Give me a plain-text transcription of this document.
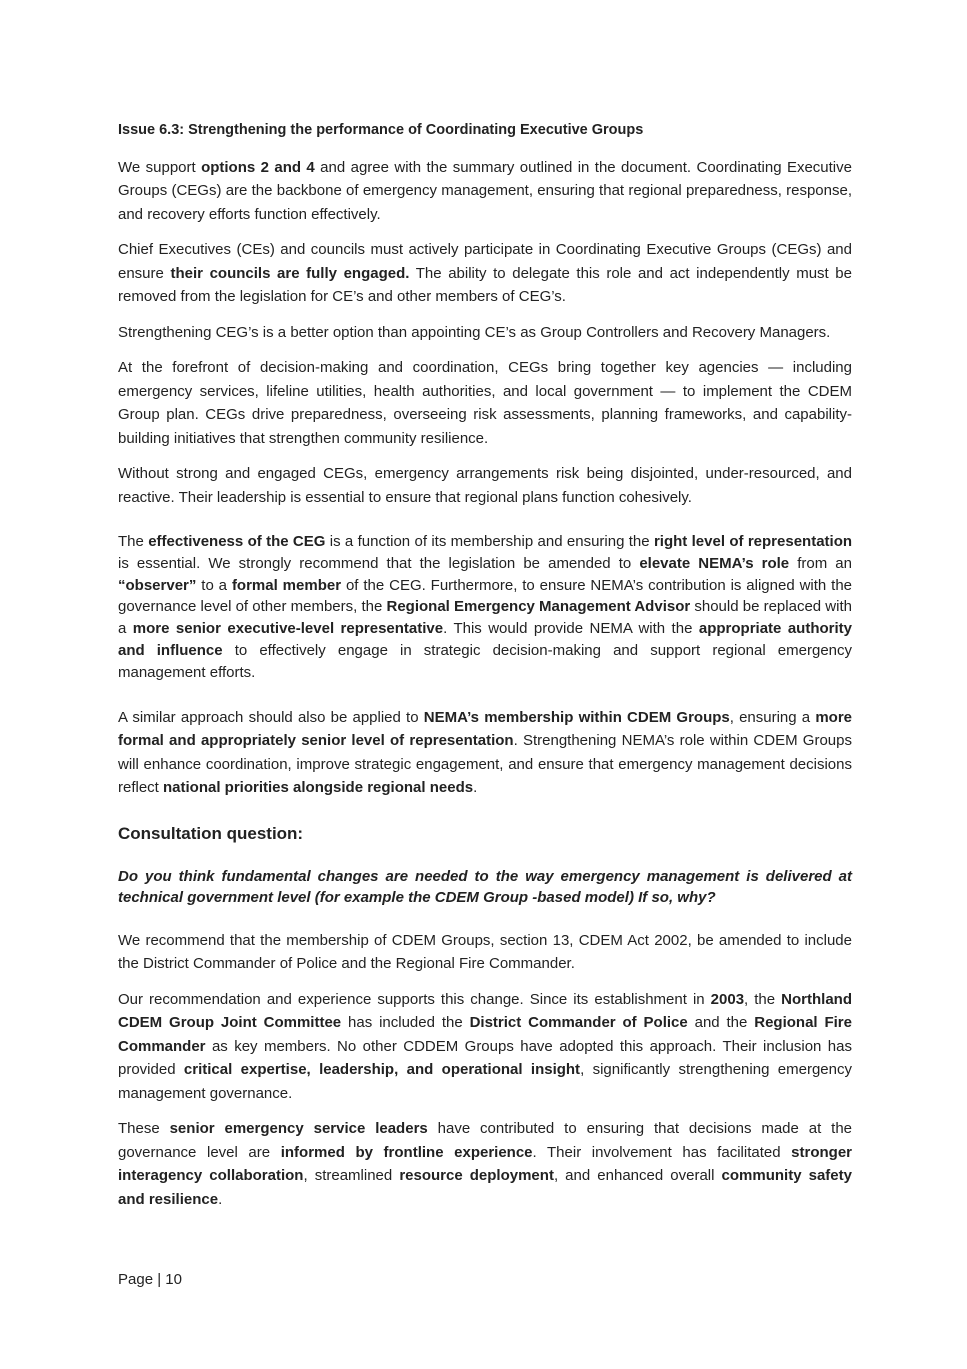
Issue 6.3: Strengthening the performance of Coordinating Executive Groups

We support options 2 and 4 and agree with the summary outlined in the document. Coordinating Executive Groups (CEGs) are the backbone of emergency management, ensuring that regional preparedness, response, and recovery efforts function effectively.

Chief Executives (CEs) and councils must actively participate in Coordinating Executive Groups (CEGs) and ensure their councils are fully engaged. The ability to delegate this role and act independently must be removed from the legislation for CE’s and other members of CEG’s.

Strengthening CEG’s is a better option than appointing CE’s as Group Controllers and Recovery Managers.

At the forefront of decision-making and coordination, CEGs bring together key agencies — including emergency services, lifeline utilities, health authorities, and local government — to implement the CDEM Group plan. CEGs drive preparedness, overseeing risk assessments, planning frameworks, and capability-building initiatives that strengthen community resilience.

Without strong and engaged CEGs, emergency arrangements risk being disjointed, under-resourced, and reactive. Their leadership is essential to ensure that regional plans function cohesively.

The effectiveness of the CEG is a function of its membership and ensuring the right level of representation is essential. We strongly recommend that the legislation be amended to elevate NEMA’s role from an “observer” to a formal member of the CEG. Furthermore, to ensure NEMA’s contribution is aligned with the governance level of other members, the Regional Emergency Management Advisor should be replaced with a more senior executive-level representative. This would provide NEMA with the appropriate authority and influence to effectively engage in strategic decision-making and support regional emergency management efforts.

A similar approach should also be applied to NEMA’s membership within CDEM Groups, ensuring a more formal and appropriately senior level of representation. Strengthening NEMA’s role within CDEM Groups will enhance coordination, improve strategic engagement, and ensure that emergency management decisions reflect national priorities alongside regional needs.

Consultation question:

Do you think fundamental changes are needed to the way emergency management is delivered at technical government level (for example the CDEM Group -based model) If so, why?

We recommend that the membership of CDEM Groups, section 13, CDEM Act 2002, be amended to include the District Commander of Police and the Regional Fire Commander.

Our recommendation and experience supports this change. Since its establishment in 2003, the Northland CDEM Group Joint Committee has included the District Commander of Police and the Regional Fire Commander as key members. No other CDDEM Groups have adopted this approach. Their inclusion has provided critical expertise, leadership, and operational insight, significantly strengthening emergency management governance.

These senior emergency service leaders have contributed to ensuring that decisions made at the governance level are informed by frontline experience. Their involvement has facilitated stronger interagency collaboration, streamlined resource deployment, and enhanced overall community safety and resilience.

Page | 10
